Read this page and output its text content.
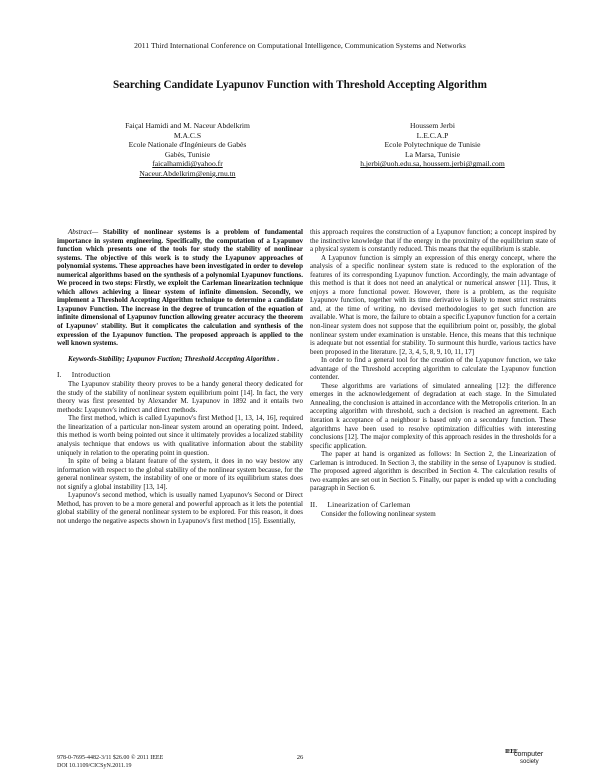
2011 Third International Conference on Computational Intelligence, Communication Systems and Networks
Searching Candidate Lyapunov Function with Threshold Accepting Algorithm
Faiçal Hamidi and M. Naceur Abdelkrim
M.A.C.S
Ecole Nationale d'Ingénieurs de Gabès
Gabès, Tunisie
faicalhamidi@yahoo.fr
Naceur.Abdelkrim@enig.rnu.tn
Houssem Jerbi
L.E.C.A.P
Ecole Polytechnique de Tunisie
La Marsa, Tunisie
h.jerbi@uoh.edu.sa, houssem.jerbi@gmail.com

Abstract— Stability of nonlinear systems is a problem of fundamental importance in system engineering. Specifically, the computation of a Lyapunov function which presents one of the tools for study the stability of nonlinear systems. The objective of this work is to study the Lyapunov approaches of polynomial systems. These approaches have been investigated in order to develop numerical algorithms based on the synthesis of a polynomial Lyapunov functions. We proceed in two steps: Firstly, we exploit the Carleman linearization technique which allows achieving a linear system of infinite dimension. Secondly, we implement a Threshold Accepting Algorithm technique to determine a candidate Lyapunov Function. The increase in the degree of truncation of the equation of infinite dimensional of Lyapunov function allowing greater accuracy the theorem of Lyapunov' stability. But it complicates the calculation and synthesis of the expression of the Lyapunov function. The proposed approach is applied to the well known systems.

Keywords-Stability; Lyapunov Fuction; Threshold Accepting Algorithm .

I. Introduction

The Lyapunov stability theory proves to be a handy general theory dedicated for the study of the stability of nonlinear system equilibrium point [14]. In fact, the very theory was first presented by Alexander M. Lyapunov in 1892 and it entails two methods: Lyapunov's indirect and direct methods.

The first method, which is called Lyapunov's first Method [1, 13, 14, 16], required the linearization of a particular non-linear system around an operating point. Indeed, this method is worth being pointed out since it ultimately provides a localized stability analysis technique that endows us with qualitative information about the stability uniquely in relation to the operating point in question.

In spite of being a blatant feature of the system, it does in no way bestow any information with respect to the global stability of the nonlinear system because, for the general nonlinear system, the instability of one or more of its equilibrium states does not signify a global instability [13, 14].

Lyapunov's second method, which is usually named Lyapunov's Second or Direct Method, has proven to be a more general and powerful approach as it lets the potential global stability of the general nonlinear system to be explored. For this reason, it does not undergo the negative aspects shown in Lyapunov's first method [15]. Essentially,

this approach requires the construction of a Lyapunov function; a concept inspired by the instinctive knowledge that if the energy in the proximity of the equilibrium state of a physical system is constantly reduced. This means that the equilibrium is stable.

A Lyapunov function is simply an expression of this energy concept, where the analysis of a specific nonlinear system state is reduced to the exploration of the features of its corresponding Lyapunov function. Accordingly, the main advantage of this method is that it does not need an analytical or numerical answer [11]. Thus, it enjoys a more functional power. However, there is a problem, as the requisite Lyapunov function, together with its time derivative is likely to meet strict restraints and, at the time of writing, no devised methodologies to get such function are available. What is more, the failure to obtain a specific Lyapunov function for a certain non-linear system does not suppose that the equilibrium point or, possibly, the global nonlinear system under examination is unstable. Hence, this means that this technique is adequate but not essential for stability. To surmount this hurdle, various tactics have been proposed in the literature. [2, 3, 4, 5, 8, 9, 10, 11, 17]

In order to find a general tool for the creation of the Lyapunov function, we take advantage of the Threshold accepting algorithm to calculate the Lyapunov function contender.

These algorithms are variations of simulated annealing [12]: the difference emerges in the acknowledgement of degradation at each stage. In the Simulated Annealing, the conclusion is attained in accordance with the Metropolis criterion. In an accepting algorithm with threshold, such a decision is reached an agreement. Each iteration k acceptance of a neighbour is based only on a secondary function. These algorithms have been used to resolve optimization difficulties with interesting conclusions [12]. The major complexity of this approach resides in the thresholds for a specific application.

The paper at hand is organized as follows: In Section 2, the Linearization of Carleman is introduced. In Section 3, the stability in the sense of Lyapunov is studied. The proposed agreed algorithm is described in Section 4. The calculation results of two examples are set out in Section 5. Finally, our paper is ended up with a concluding paragraph in Section 6.

II. Linearization of Carleman

Consider the following nonlinear system

978-0-7695-4482-3/11 $26.00 © 2011 IEEE
DOI 10.1109/CICSyN.2011.19
26
IEEE
computer
society
